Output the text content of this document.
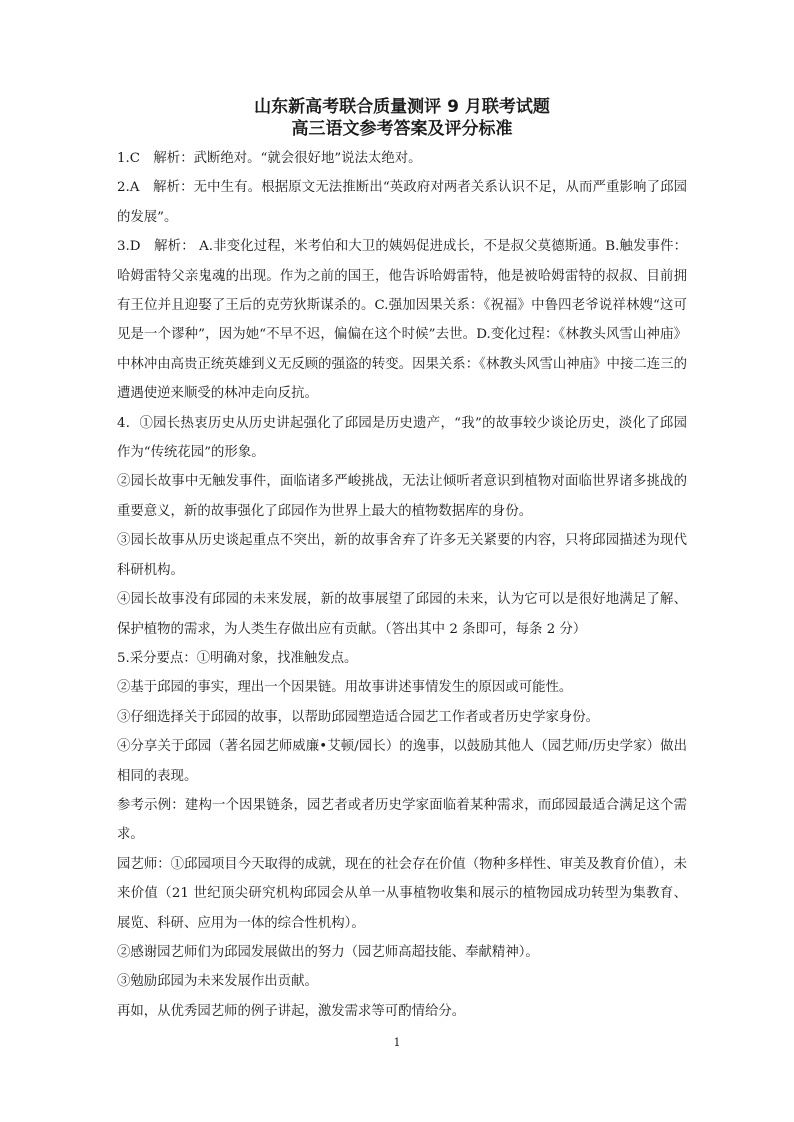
山东新高考联合质量测评 9 月联考试题
高三语文参考答案及评分标准

1.C　解析：武断绝对。“就会很好地”说法太绝对。

2.A　解析：无中生有。根据原文无法推断出“英政府对两者关系认识不足，从而严重影响了邱园的发展”。

3.D　解析： A.非变化过程，米考伯和大卫的姨妈促进成长，不是叔父莫德斯通。B.触发事件：哈姆雷特父亲鬼魂的出现。作为之前的国王，他告诉哈姆雷特，他是被哈姆雷特的叔叔、目前拥有王位并且迎娶了王后的克劳狄斯谋杀的。C.强加因果关系：《祝福》中鲁四老爷说祥林嫂“这可见是一个谬种”，因为她“不早不迟，偏偏在这个时候”去世。D.变化过程：《林教头风雪山神庙》中林冲由高贵正统英雄到义无反顾的强盗的转变。因果关系：《林教头风雪山神庙》中接二连三的遭遇使逆来顺受的林冲走向反抗。

4．①园长热衷历史从历史讲起强化了邱园是历史遗产，“我”的故事较少谈论历史，淡化了邱园作为“传统花园”的形象。

②园长故事中无触发事件，面临诸多严峻挑战，无法让倾听者意识到植物对面临世界诸多挑战的重要意义，新的故事强化了邱园作为世界上最大的植物数据库的身份。

③园长故事从历史谈起重点不突出，新的故事舍弃了许多无关紧要的内容，只将邱园描述为现代科研机构。

④园长故事没有邱园的未来发展，新的故事展望了邱园的未来，认为它可以是很好地满足了解、保护植物的需求，为人类生存做出应有贡献。（答出其中 2 条即可，每条 2 分）

5.采分要点：①明确对象，找准触发点。

②基于邱园的事实，理出一个因果链。用故事讲述事情发生的原因或可能性。

③仔细选择关于邱园的故事，以帮助邱园塑造适合园艺工作者或者历史学家身份。

④分享关于邱园（著名园艺师威廉•艾顿/园长）的逸事，以鼓励其他人（园艺师/历史学家）做出相同的表现。

参考示例：建构一个因果链条，园艺者或者历史学家面临着某种需求，而邱园最适合满足这个需求。

园艺师：①邱园项目今天取得的成就，现在的社会存在价值（物种多样性、审美及教育价值），未来价值（21 世纪顶尖研究机构邱园会从单一从事植物收集和展示的植物园成功转型为集教育、展览、科研、应用为一体的综合性机构）。

②感谢园艺师们为邱园发展做出的努力（园艺师高超技能、奉献精神）。

③勉励邱园为未来发展作出贡献。

再如，从优秀园艺师的例子讲起，激发需求等可酌情给分。

1
